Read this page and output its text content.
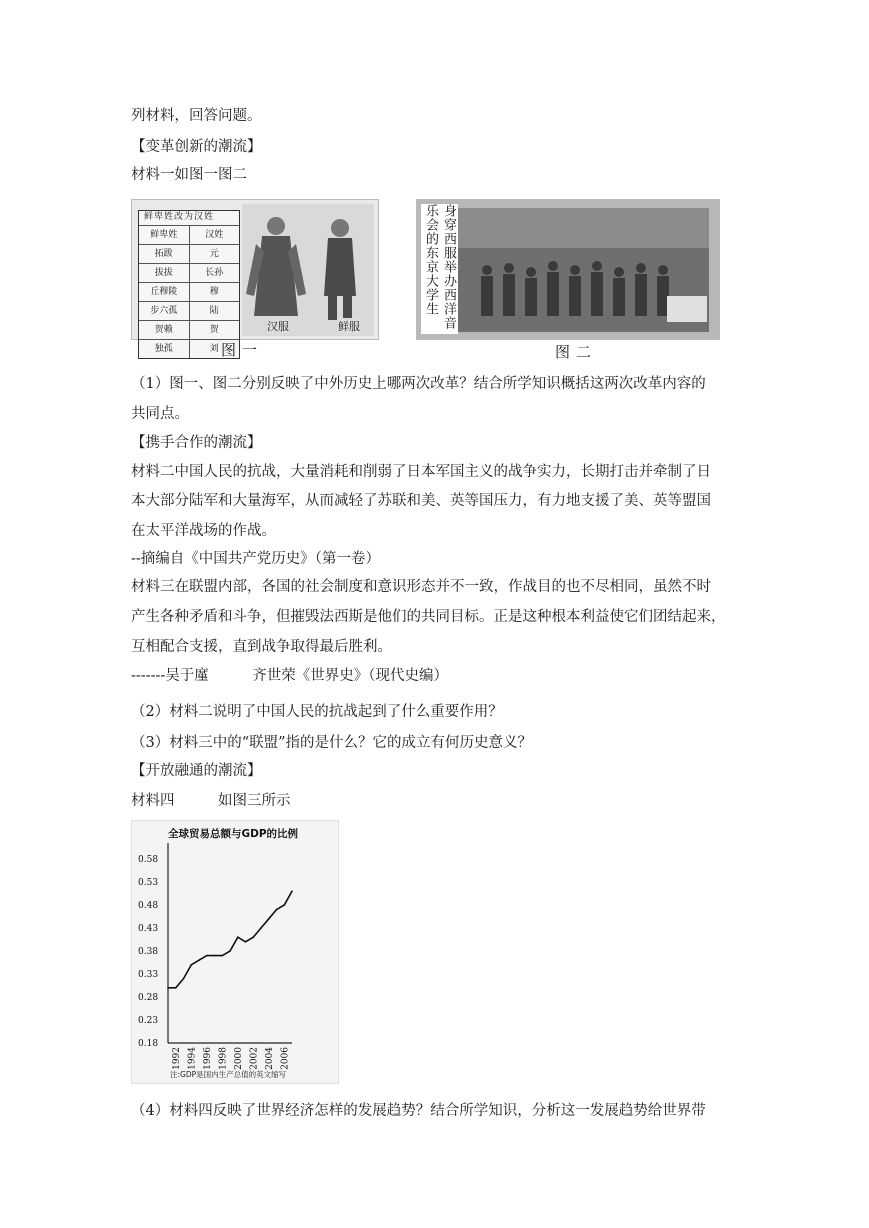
列材料，回答问题。
【变革创新的潮流】
材料一如图一图二
鲜卑姓改为汉姓
鲜卑姓	汉姓
拓跋	元
拔拔	长孙
丘穆陵	穆
步六孤	陆
贺赖	贺
独孤	刘
汉服	鲜服
图一
乐会的东京大学生 身穿西服举办西洋音
图二
（1）图一、图二分别反映了中外历史上哪两次改革？结合所学知识概括这两次改革内容的
共同点。
【携手合作的潮流】
材料二中国人民的抗战，大量消耗和削弱了日本军国主义的战争实力，长期打击并牵制了日
本大部分陆军和大量海军，从而减轻了苏联和美、英等国压力，有力地支援了美、英等盟国
在太平洋战场的作战。
--摘编自《中国共产党历史》（第一卷）
材料三在联盟内部，各国的社会制度和意识形态并不一致，作战目的也不尽相同，虽然不时
产生各种矛盾和斗争，但摧毁法西斯是他们的共同目标。正是这种根本利益使它们团结起来，
互相配合支援，直到战争取得最后胜利。
-------吴于廑　　　齐世荣《世界史》（现代史编）
（2）材料二说明了中国人民的抗战起到了什么重要作用？
（3）材料三中的“联盟”指的是什么？它的成立有何历史意义？
【开放融通的潮流】
材料四　　　如图三所示
全球贸易总额与GDP的比例
0.58
0.53
0.48
0.43
0.38
0.33
0.28
0.23
0.18
1992 1994 1996 1998 2000 2002 2004 2006
注:GDP是国内生产总值的英文缩写
（4）材料四反映了世界经济怎样的发展趋势？结合所学知识，分析这一发展趋势给世界带
